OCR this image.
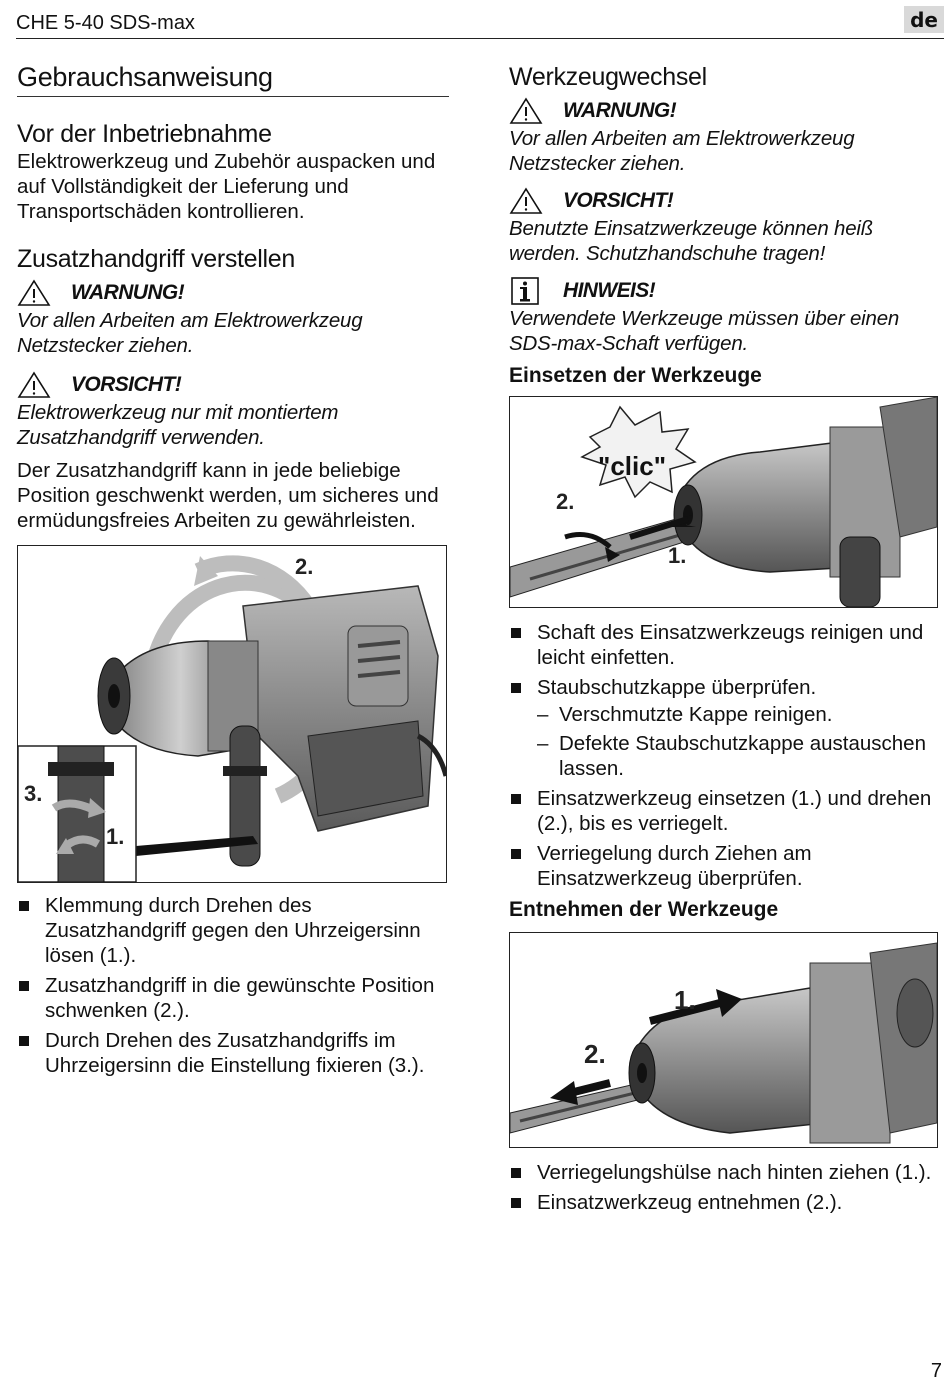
CHE 5-40 SDS-max	de
Gebrauchsanweisung
Vor der Inbetriebnahme

Elektrowerkzeug und Zubehör auspacken und auf Vollständigkeit der Lieferung und Transportschäden kontrollieren.

Zusatzhandgriff verstellen
WARNUNG!

Vor allen Arbeiten am Elektrowerkzeug Netzstecker ziehen.

VORSICHT!

Elektrowerkzeug nur mit montiertem Zusatzhandgriff verwenden.

Der Zusatzhandgriff kann in jede beliebige Position geschwenkt werden, um sicheres und ermüdungsfreies Arbeiten zu gewährleisten.

2.
3.
1.
Klemmung durch Drehen des Zusatzhandgriff gegen den Uhrzeigersinn lösen (1.).
Zusatzhandgriff in die gewünschte Position schwenken (2.).
Durch Drehen des Zusatzhandgriffs im Uhrzeigersinn die Einstellung fixieren (3.).
Werkzeugwechsel
WARNUNG!

Vor allen Arbeiten am Elektrowerkzeug Netzstecker ziehen.

VORSICHT!

Benutzte Einsatzwerkzeuge können heiß werden. Schutzhandschuhe tragen!

HINWEIS!

Verwendete Werkzeuge müssen über einen SDS-max-Schaft verfügen.

Einsetzen der Werkzeuge
"clic"
2.
1.
Schaft des Einsatzwerkzeugs reinigen und leicht einfetten.
Staubschutzkappe überprüfen.
– Verschmutzte Kappe reinigen.
– Defekte Staubschutzkappe austauschen lassen.
Einsatzwerkzeug einsetzen (1.) und drehen (2.), bis es verriegelt.
Verriegelung durch Ziehen am Einsatzwerkzeug überprüfen.
Entnehmen der Werkzeuge
1.
2.
Verriegelungshülse nach hinten ziehen (1.).
Einsatzwerkzeug entnehmen (2.).
7
